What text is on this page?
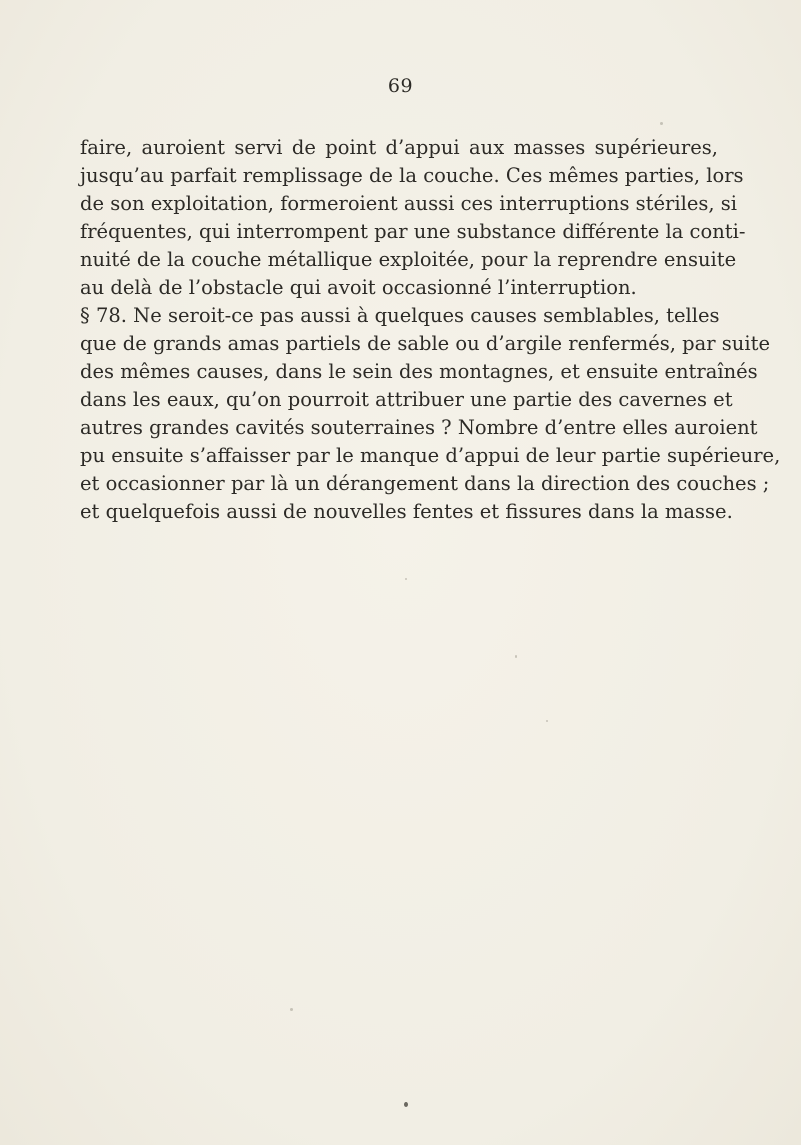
69

faire, auroient servi de point d’appui aux masses supérieures,
jusqu’au parfait remplissage de la couche. Ces mêmes parties, lors
de son exploitation, formeroient aussi ces interruptions stériles, si
fréquentes, qui interrompent par une substance différente la conti-
nuité de la couche métallique exploitée, pour la reprendre ensuite
au delà de l’obstacle qui avoit occasionné l’interruption.

§ 78. Ne seroit-ce pas aussi à quelques causes semblables, telles
que de grands amas partiels de sable ou d’argile renfermés, par suite
des mêmes causes, dans le sein des montagnes, et ensuite entraînés
dans les eaux, qu’on pourroit attribuer une partie des cavernes et
autres grandes cavités souterraines ? Nombre d’entre elles auroient
pu ensuite s’affaisser par le manque d’appui de leur partie supérieure,
et occasionner par là un dérangement dans la direction des couches ;
et quelquefois aussi de nouvelles fentes et fissures dans la masse.
